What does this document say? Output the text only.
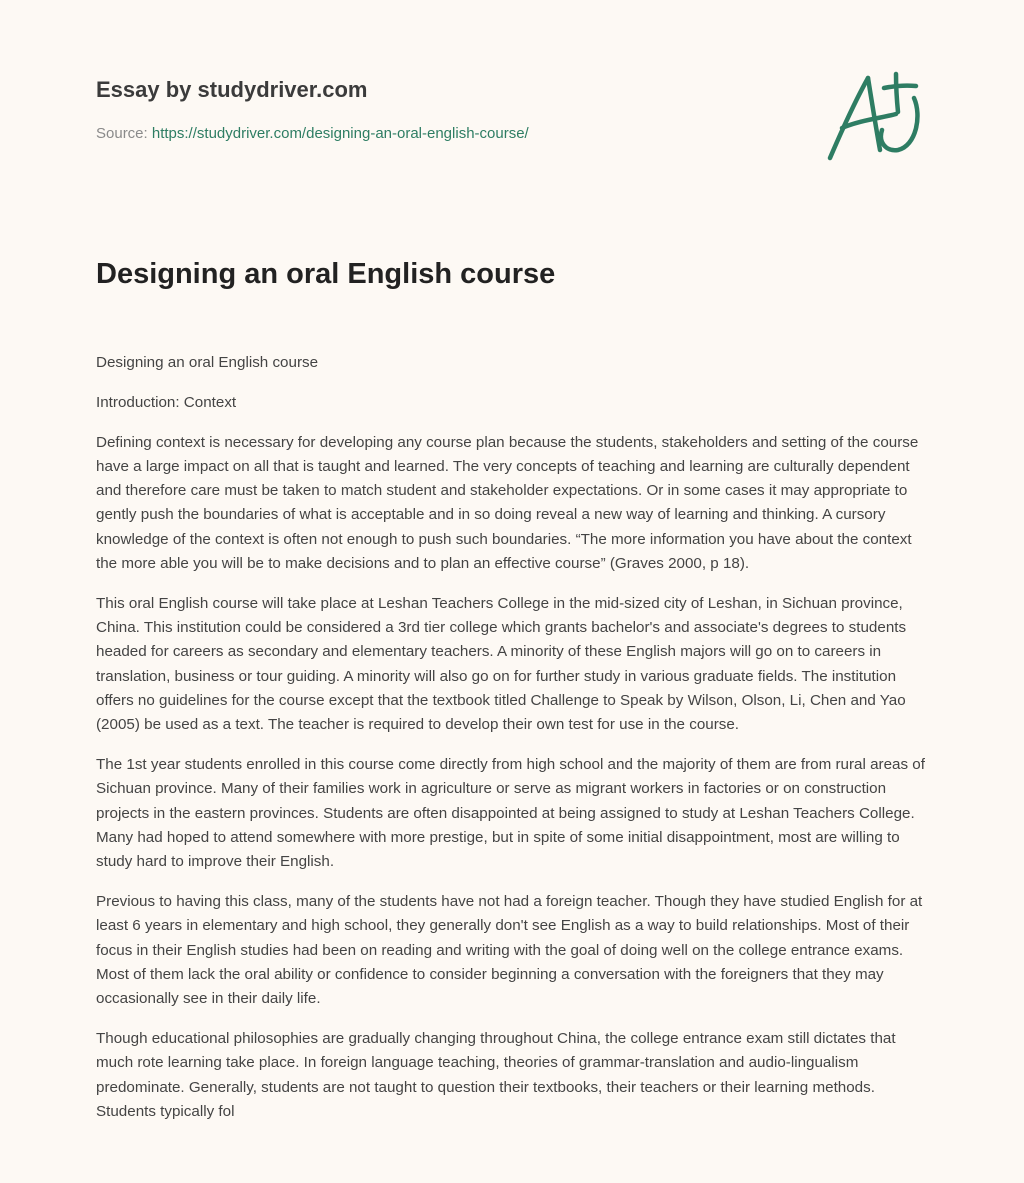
Essay by studydriver.com
Source: https://studydriver.com/designing-an-oral-english-course/
Designing an oral English course

Designing an oral English course

Introduction: Context

Defining context is necessary for developing any course plan because the students, stakeholders and setting of the course have a large impact on all that is taught and learned. The very concepts of teaching and learning are culturally dependent and therefore care must be taken to match student and stakeholder expectations. Or in some cases it may appropriate to gently push the boundaries of what is acceptable and in so doing reveal a new way of learning and thinking. A cursory knowledge of the context is often not enough to push such boundaries. “The more information you have about the context the more able you will be to make decisions and to plan an effective course” (Graves 2000, p 18).

This oral English course will take place at Leshan Teachers College in the mid-sized city of Leshan, in Sichuan province, China. This institution could be considered a 3rd tier college which grants bachelor's and associate's degrees to students headed for careers as secondary and elementary teachers. A minority of these English majors will go on to careers in translation, business or tour guiding. A minority will also go on for further study in various graduate fields. The institution offers no guidelines for the course except that the textbook titled Challenge to Speak by Wilson, Olson, Li, Chen and Yao (2005) be used as a text. The teacher is required to develop their own test for use in the course.

The 1st year students enrolled in this course come directly from high school and the majority of them are from rural areas of Sichuan province. Many of their families work in agriculture or serve as migrant workers in factories or on construction projects in the eastern provinces. Students are often disappointed at being assigned to study at Leshan Teachers College. Many had hoped to attend somewhere with more prestige, but in spite of some initial disappointment, most are willing to study hard to improve their English.

Previous to having this class, many of the students have not had a foreign teacher. Though they have studied English for at least 6 years in elementary and high school, they generally don't see English as a way to build relationships. Most of their focus in their English studies had been on reading and writing with the goal of doing well on the college entrance exams. Most of them lack the oral ability or confidence to consider beginning a conversation with the foreigners that they may occasionally see in their daily life.

Though educational philosophies are gradually changing throughout China, the college entrance exam still dictates that much rote learning take place. In foreign language teaching, theories of grammar-translation and audio-lingualism predominate. Generally, students are not taught to question their textbooks, their teachers or their learning methods. Students typically fol
